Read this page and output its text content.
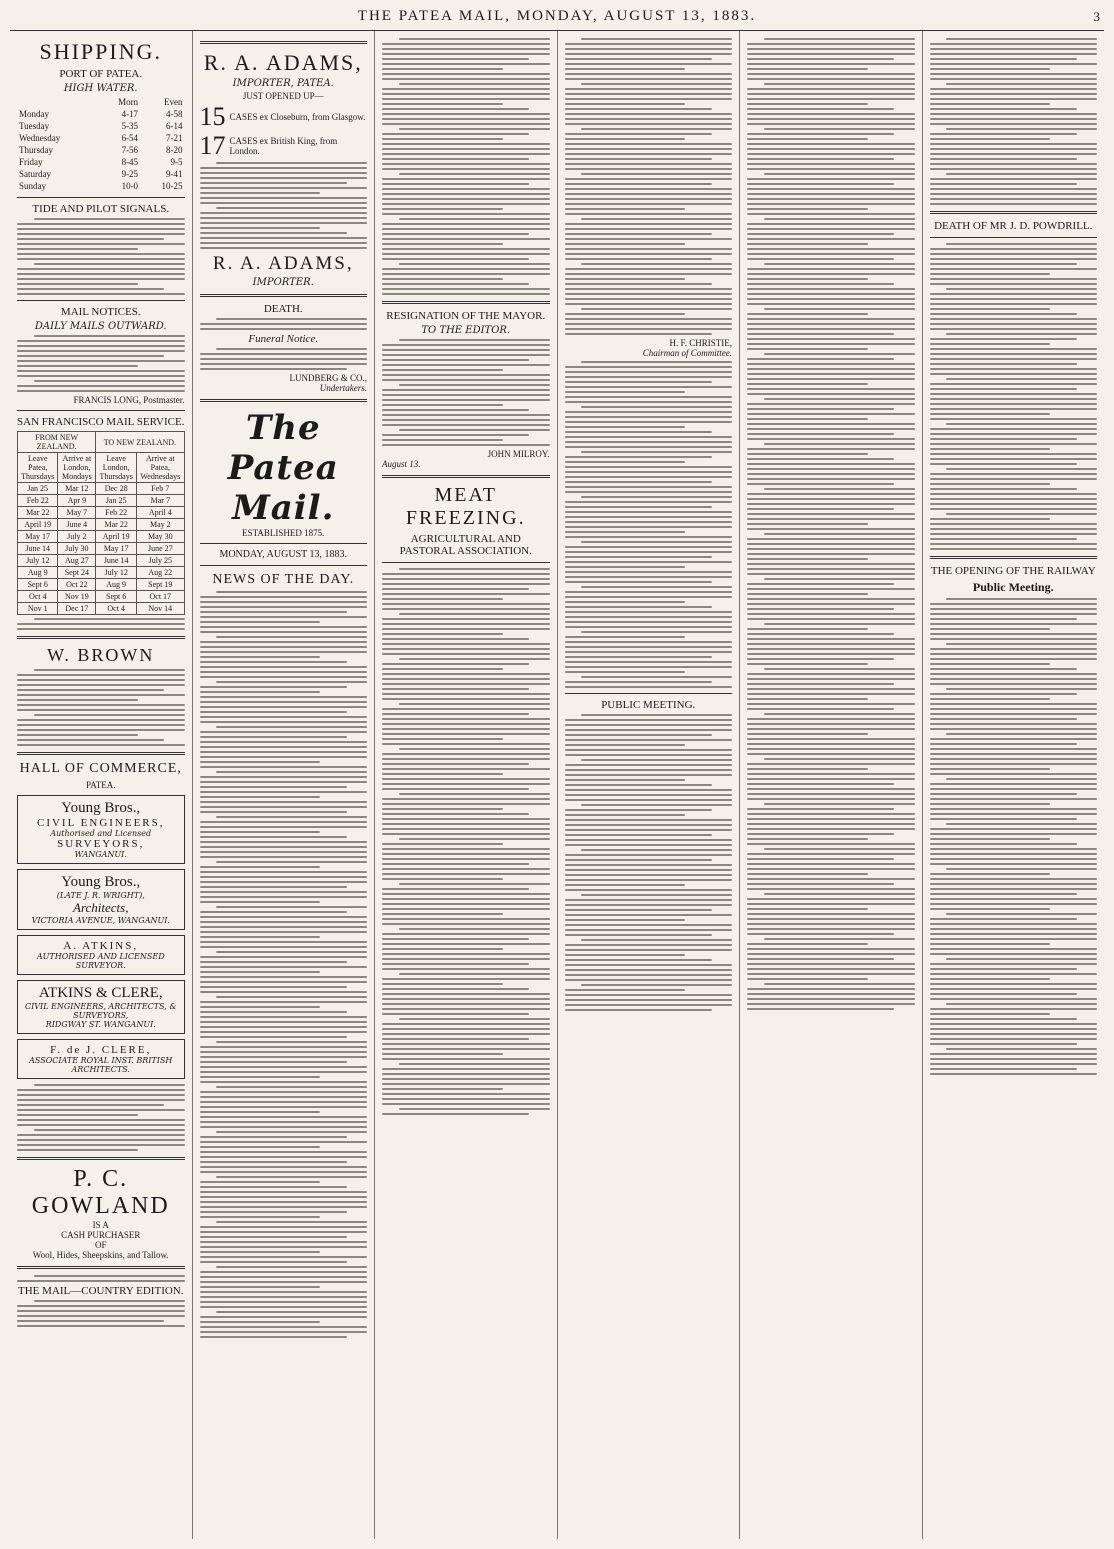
THE PATEA MAIL, MONDAY, AUGUST 13, 1883.	3
SHIPPING.
PORT OF PATEA.
HIGH WATER.
	Morn	Even
Monday	4-17	4-58
Tuesday	5-35	6-14
Wednesday	6-54	7-21
Thursday	7-56	8-20
Friday	8-45	9-5
Saturday	9-25	9-41
Sunday	10-0	10-25
TIDE AND PILOT SIGNALS.
MAIL NOTICES.
DAILY MAILS OUTWARD.
FRANCIS LONG, Postmaster.
SAN FRANCISCO MAIL SERVICE.
FROM NEW ZEALAND.		TO NEW ZEALAND.	
Leave Patea, Thursdays	Arrive at London, Mondays	Leave London, Thursdays	Arrive at Patea, Wednesdays
Jan 25	Mar 12	Dec 28	Feb 7
Feb 22	Apr 9	Jan 25	Mar 7
Mar 22	May 7	Feb 22	April 4
April 19	June 4	Mar 22	May 2
May 17	July 2	April 19	May 30
June 14	July 30	May 17	June 27
July 12	Aug 27	June 14	July 25
Aug 9	Sept 24	July 12	Aug 22
Sept 6	Oct 22	Aug 9	Sept 19
Oct 4	Nov 19	Sept 6	Oct 17
Nov 1	Dec 17	Oct 4	Nov 14
W. BROWN
HALL OF COMMERCE,
PATEA.
Young Bros.,
CIVIL ENGINEERS,
Authorised and Licensed
SURVEYORS,
WANGANUI.
Young Bros.,
(LATE J. R. WRIGHT),
Architects,
VICTORIA AVENUE, WANGANUI.
A. ATKINS,
AUTHORISED AND LICENSED SURVEYOR.
ATKINS & CLERE,
CIVIL ENGINEERS, ARCHITECTS, & SURVEYORS,
RIDGWAY ST. WANGANUI.
F. de J. CLERE,
ASSOCIATE ROYAL INST. BRITISH ARCHITECTS.
P. C. GOWLAND
IS A
CASH PURCHASER
OF
Wool, Hides, Sheepskins, and Tallow.
THE MAIL—COUNTRY EDITION.
R. A. ADAMS,
IMPORTER, PATEA.
JUST OPENED UP—
15 CASES ex Closeburn, from Glasgow.
17 CASES ex British King, from London.
R. A. ADAMS,
IMPORTER.
DEATH.
Funeral Notice.
LUNDBERG & CO.,
Undertakers.
The Patea Mail.
ESTABLISHED 1875.
MONDAY, AUGUST 13, 1883.
NEWS OF THE DAY.
RESIGNATION OF THE MAYOR.
TO THE EDITOR.
JOHN MILROY.
August 13.
MEAT FREEZING.
AGRICULTURAL AND PASTORAL ASSOCIATION.
H. F. CHRISTIE,
Chairman of Committee.
PUBLIC MEETING.
DEATH OF MR J. D. POWDRILL.
THE OPENING OF THE RAILWAY
Public Meeting.
